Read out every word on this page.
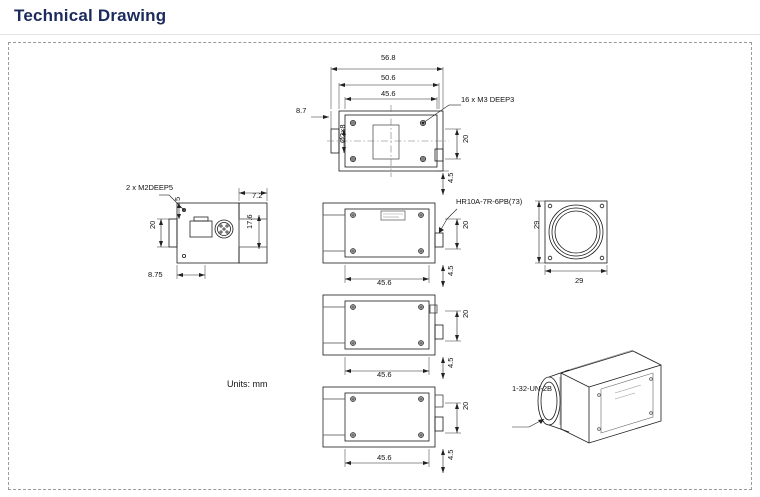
Technical Drawing
56.8
50.6
45.6
16 x M3 DEEP3
8.7
Ø2×8	20
4.5
2 x M2DEEP5
7.2
5
20	17.6
8.75
HR10A-7R-6PB(73)
20
45.6
4.5
29
29
20
45.6
4.5
1-32-UN-2B
20
45.6	4.5
Units: mm
